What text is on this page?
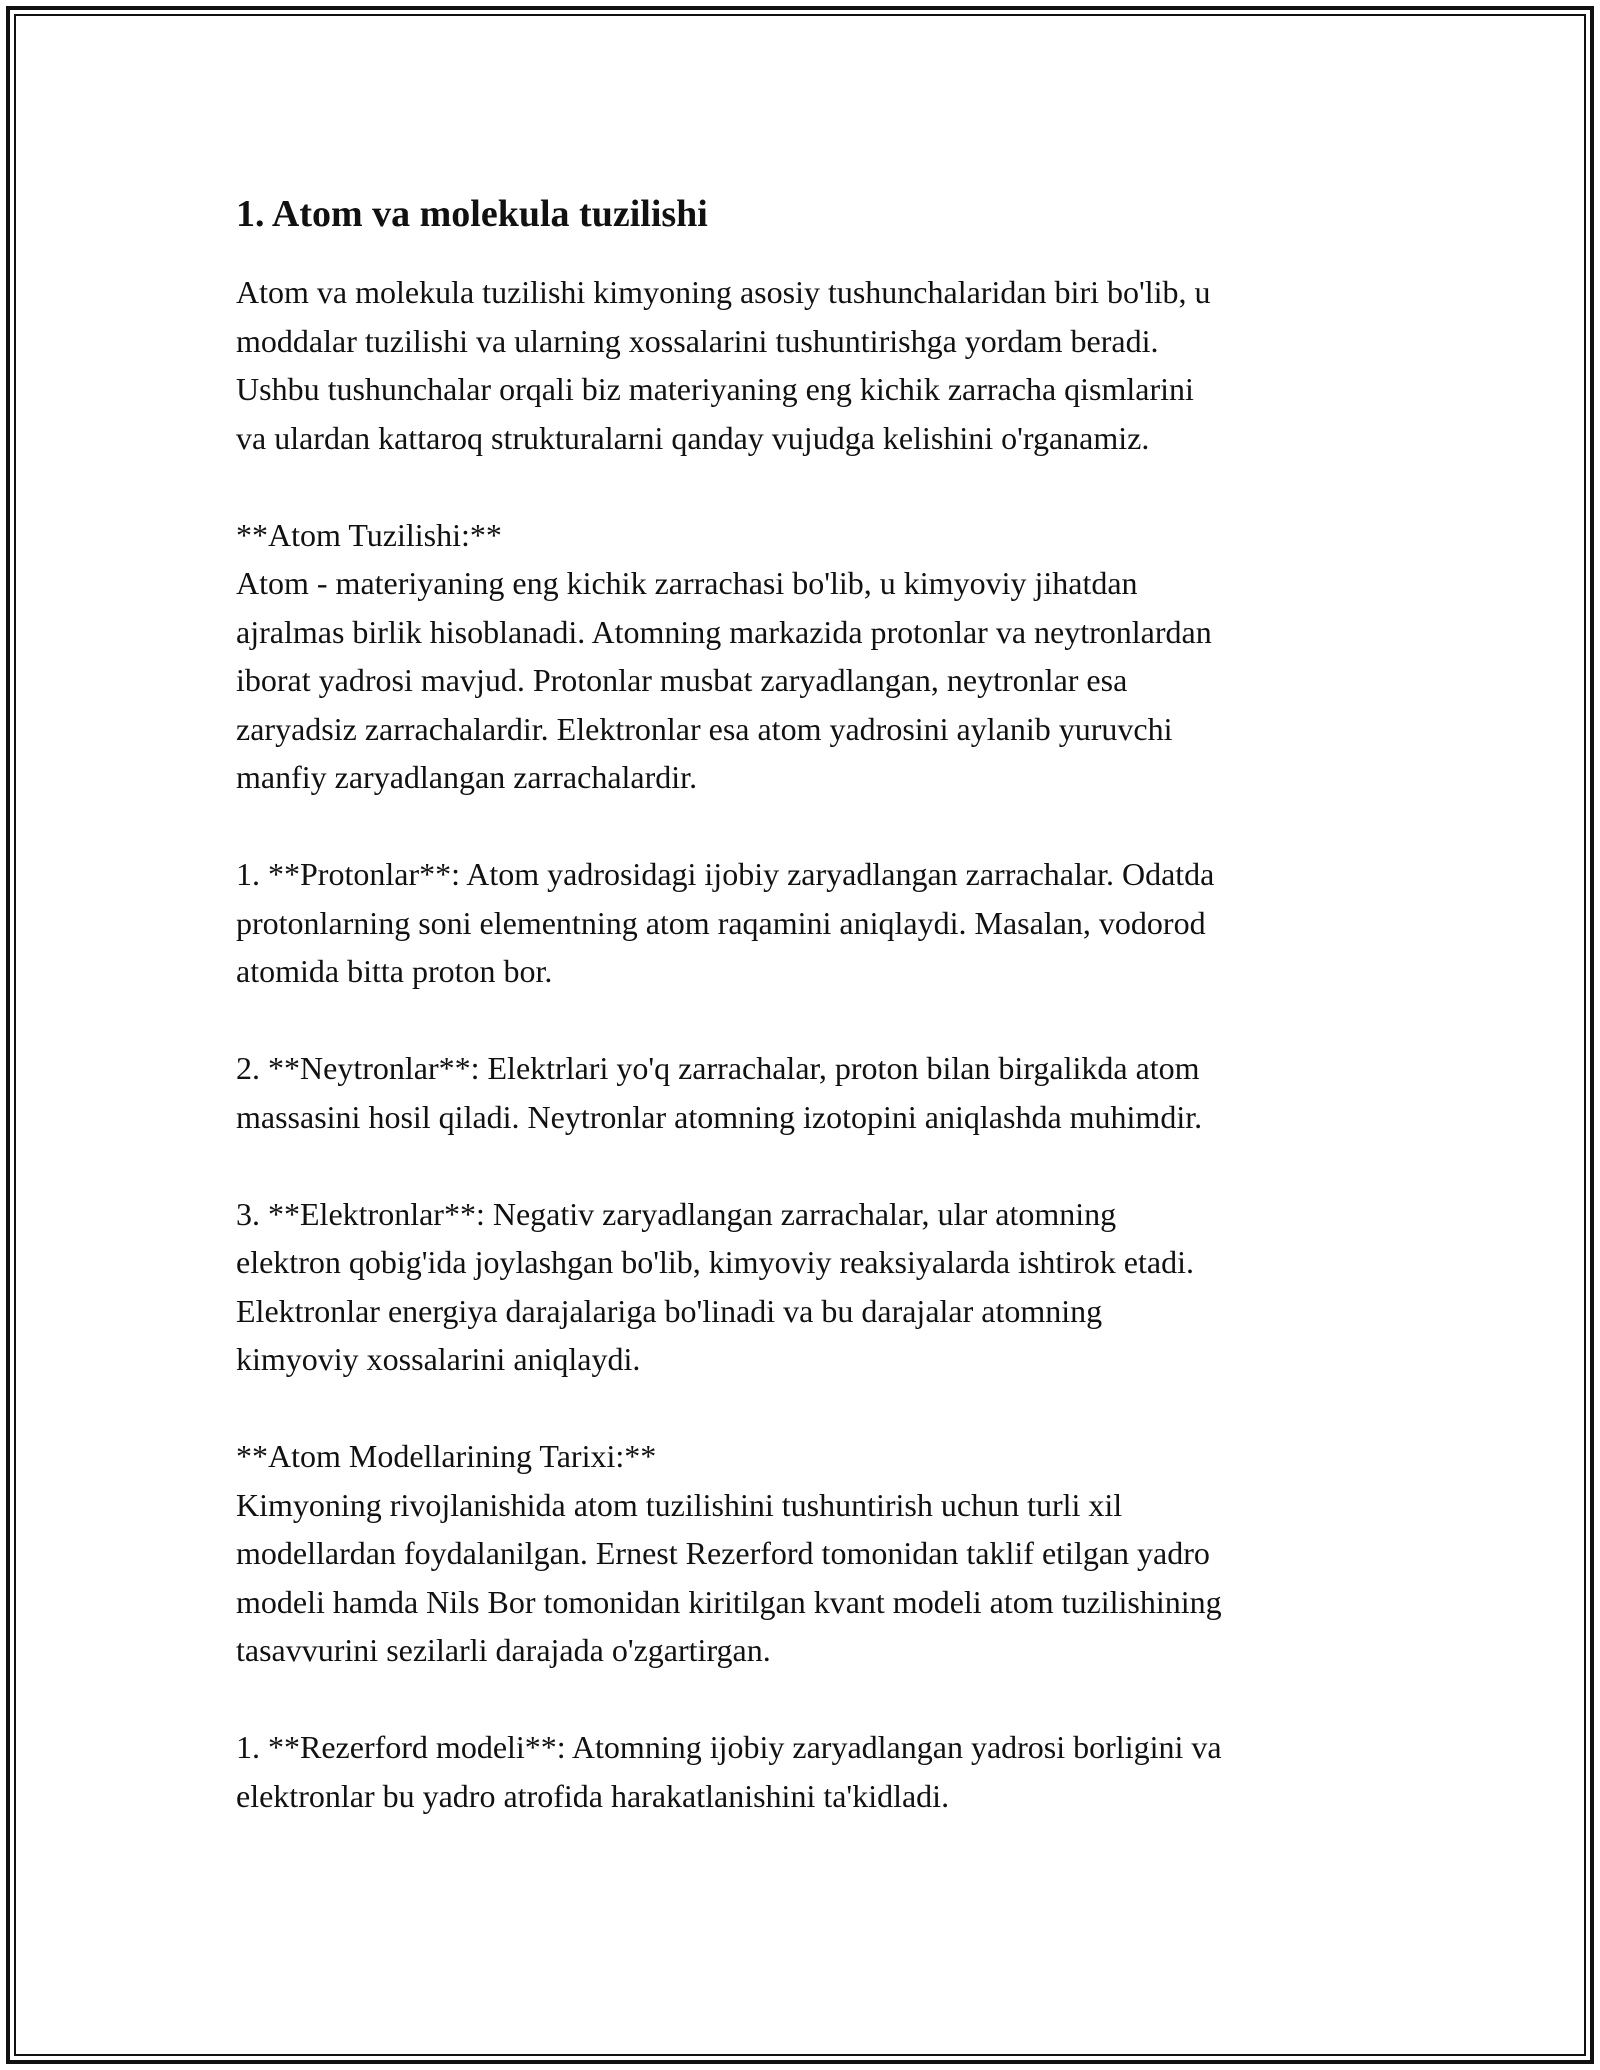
1. Atom va molekula tuzilishi

Atom va molekula tuzilishi kimyoning asosiy tushunchalaridan biri bo'lib, u
moddalar tuzilishi va ularning xossalarini tushuntirishga yordam beradi.
Ushbu tushunchalar orqali biz materiyaning eng kichik zarracha qismlarini
va ulardan kattaroq strukturalarni qanday vujudga kelishini o'rganamiz.

**Atom Tuzilishi:**

Atom - materiyaning eng kichik zarrachasi bo'lib, u kimyoviy jihatdan
ajralmas birlik hisoblanadi. Atomning markazida protonlar va neytronlardan
iborat yadrosi mavjud. Protonlar musbat zaryadlangan, neytronlar esa
zaryadsiz zarrachalardir. Elektronlar esa atom yadrosini aylanib yuruvchi
manfiy zaryadlangan zarrachalardir.

1. **Protonlar**: Atom yadrosidagi ijobiy zaryadlangan zarrachalar. Odatda
protonlarning soni elementning atom raqamini aniqlaydi. Masalan, vodorod
atomida bitta proton bor.

2. **Neytronlar**: Elektrlari yo'q zarrachalar, proton bilan birgalikda atom
massasini hosil qiladi. Neytronlar atomning izotopini aniqlashda muhimdir.

3. **Elektronlar**: Negativ zaryadlangan zarrachalar, ular atomning
elektron qobig'ida joylashgan bo'lib, kimyoviy reaksiyalarda ishtirok etadi.
Elektronlar energiya darajalariga bo'linadi va bu darajalar atomning
kimyoviy xossalarini aniqlaydi.

**Atom Modellarining Tarixi:**

Kimyoning rivojlanishida atom tuzilishini tushuntirish uchun turli xil
modellardan foydalanilgan. Ernest Rezerford tomonidan taklif etilgan yadro
modeli hamda Nils Bor tomonidan kiritilgan kvant modeli atom tuzilishining
tasavvurini sezilarli darajada o'zgartirgan.

1. **Rezerford modeli**: Atomning ijobiy zaryadlangan yadrosi borligini va
elektronlar bu yadro atrofida harakatlanishini ta'kidladi.
